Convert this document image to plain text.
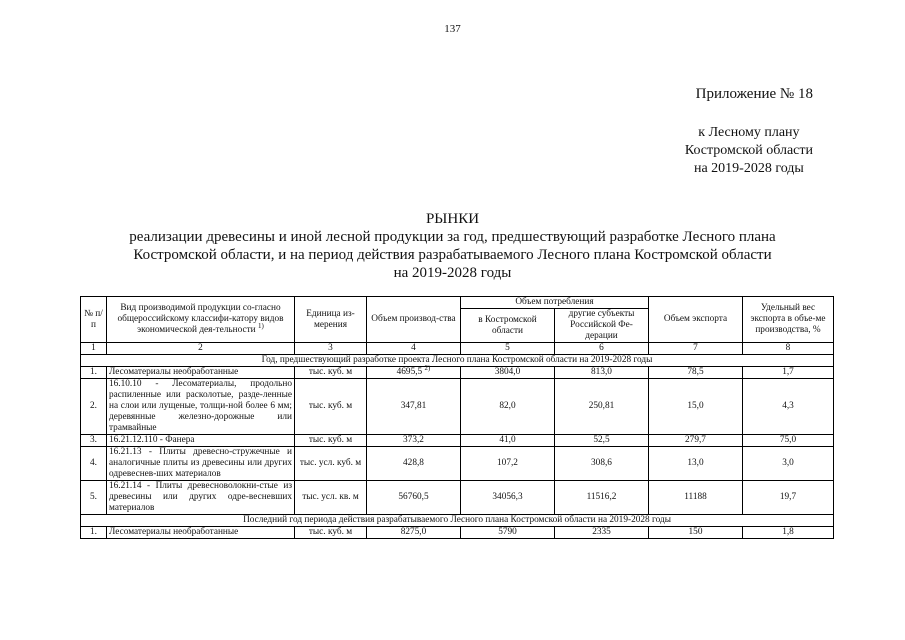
137
Приложение № 18
к Лесному плану
Костромской области
на 2019-2028 годы
РЫНКИ
реализации древесины и иной лесной продукции за год, предшествующий разработке Лесного плана
Костромской области, и на период действия разрабатываемого Лесного плана Костромской области
на 2019-2028 годы
№ п/п	Вид производимой продукции со-гласно общероссийскому классифи-катору видов экономической дея-тельности $^{1)}$	Единица из-мерения	Объем производ-ства	Объем потребления		Объем экспорта	Удельный вес экспорта в объе-ме производства, %
				в Костромской области	другие субъекты Российской Фе-дерации		
1	2	3	4	5	6	7	8
Год, предшествующий разработке проекта Лесного плана Костромской области на 2019-2028 годы							
1.	Лесоматериалы необработанные	тыс. куб. м	4695,5 $^{2)}$	3804,0	813,0	78,5	1,7
2.	16.10.10 - Лесоматериалы, продольно распиленные или расколотые, разде-ленные на слои или лущеные, толщи-ной более 6 мм; деревянные железно-дорожные или трамвайные	тыс. куб. м	347,81	82,0	250,81	15,0	4,3
3.	16.21.12.110 - Фанера	тыс. куб. м	373,2	41,0	52,5	279,7	75,0
4.	16.21.13 - Плиты древесно-стружечные и аналогичные плиты из древесины или других одревеснев-ших материалов	тыс. усл. куб. м	428,8	107,2	308,6	13,0	3,0
5.	16.21.14 - Плиты древесноволокни-стые из древесины или других одре-весневших материалов	тыс. усл. кв. м	56760,5	34056,3	11516,2	11188	19,7
Последний год периода действия разрабатываемого Лесного плана Костромской области на 2019-2028 годы							
1.	Лесоматериалы необработанные	тыс. куб. м	8275,0	5790	2335	150	1,8
